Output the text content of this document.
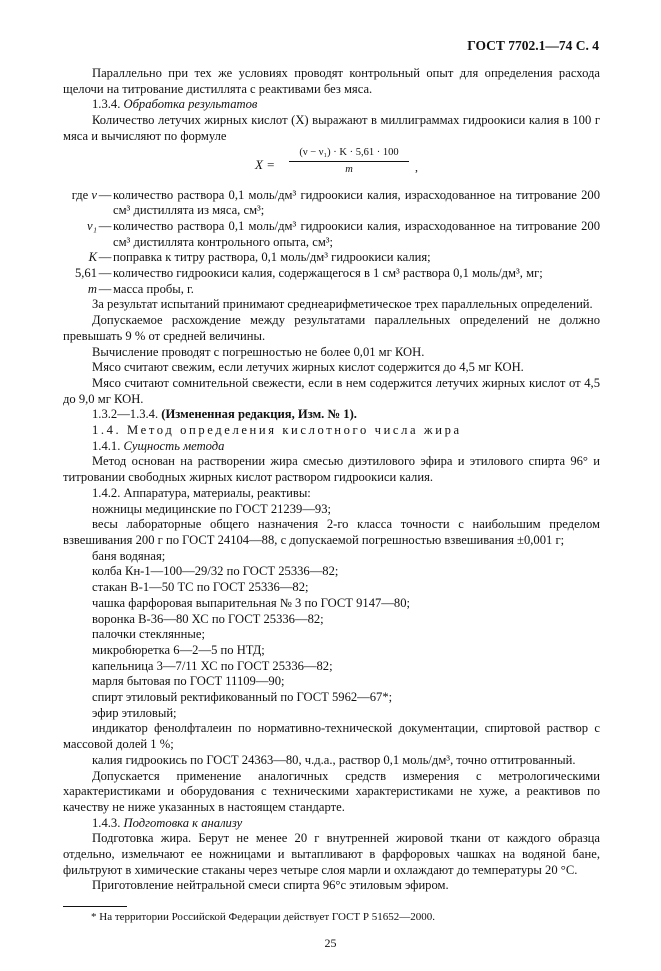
ГОСТ 7702.1—74 С. 4
Параллельно при тех же условиях проводят контрольный опыт для определения расхода щелочи на титрование дистиллята с реактивами без мяса.
1.3.4. Обработка результатов
Количество летучих жирных кислот (X) выражают в миллиграммах гидроокиси калия в 100 г мяса и вычисляют по формуле
X =
(ν − ν₁) · K · 5,61 · 100
m	,
где ν — количество раствора 0,1 моль/дм³ гидроокиси калия, израсходованное на титрование 200 см³ дистиллята из мяса, см³;
ν₁ — количество раствора 0,1 моль/дм³ гидроокиси калия, израсходованное на титрование 200 см³ дистиллята контрольного опыта, см³;
K — поправка к титру раствора, 0,1 моль/дм³ гидроокиси калия;
5,61 — количество гидроокиси калия, содержащегося в 1 см³ раствора 0,1 моль/дм³, мг;
m — масса пробы, г.
За результат испытаний принимают среднеарифметическое трех параллельных определений.
Допускаемое расхождение между результатами параллельных определений не должно превышать 9 % от средней величины.
Вычисление проводят с погрешностью не более 0,01 мг КОН.
Мясо считают свежим, если летучих жирных кислот содержится до 4,5 мг КОН.
Мясо считают сомнительной свежести, если в нем содержится летучих жирных кислот от 4,5 до 9,0 мг КОН.
1.3.2—1.3.4. (Измененная редакция, Изм. № 1).
1.4. Метод определения кислотного числа жира
1.4.1. Сущность метода
Метод основан на растворении жира смесью диэтилового эфира и этилового спирта 96° и титровании свободных жирных кислот раствором гидроокиси калия.
1.4.2. Аппаратура, материалы, реактивы:
ножницы медицинские по ГОСТ 21239—93;
весы лабораторные общего назначения 2-го класса точности с наибольшим пределом взвешивания 200 г по ГОСТ 24104—88, с допускаемой погрешностью взвешивания ±0,001 г;
баня водяная;
колба Кн-1—100—29/32 по ГОСТ 25336—82;
стакан В-1—50 ТС по ГОСТ 25336—82;
чашка фарфоровая выпарительная № 3 по ГОСТ 9147—80;
воронка В-36—80 ХС по ГОСТ 25336—82;
палочки стеклянные;
микробюретка 6—2—5 по НТД;
капельница 3—7/11 ХС по ГОСТ 25336—82;
марля бытовая по ГОСТ 11109—90;
спирт этиловый ректификованный по ГОСТ 5962—67*;
эфир этиловый;
индикатор фенолфталеин по нормативно-технической документации, спиртовой раствор с массовой долей 1 %;
калия гидроокись по ГОСТ 24363—80, ч.д.а., раствор 0,1 моль/дм³, точно оттитрованный.
Допускается применение аналогичных средств измерения с метрологическими характеристиками и оборудования с техническими характеристиками не хуже, а реактивов по качеству не ниже указанных в настоящем стандарте.
1.4.3. Подготовка к анализу
Подготовка жира. Берут не менее 20 г внутренней жировой ткани от каждого образца отдельно, измельчают ее ножницами и вытапливают в фарфоровых чашках на водяной бане, фильтруют в химические стаканы через четыре слоя марли и охлаждают до температуры 20 °С.
Приготовление нейтральной смеси спирта 96°с этиловым эфиром.
* На территории Российской Федерации действует ГОСТ Р 51652—2000.
25
